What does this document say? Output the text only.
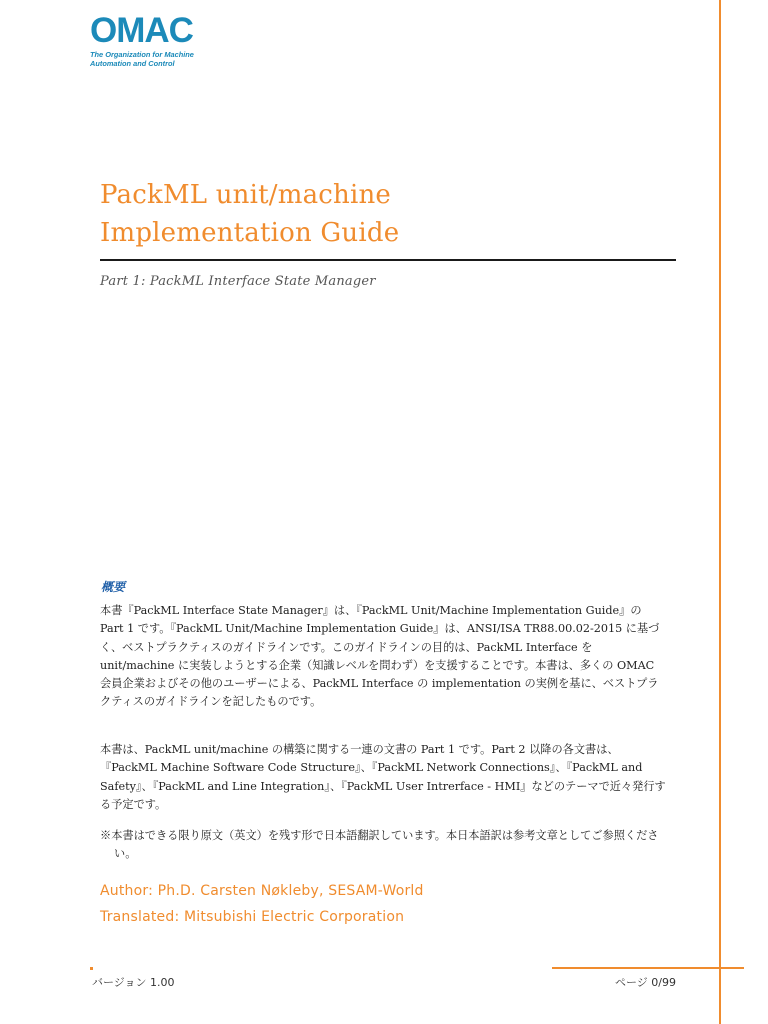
OMAC
The Organization for Machine
Automation and Control
PackML unit/machine
Implementation Guide
Part 1: PackML Interface State Manager
概要
本書『PackML Interface State Manager』は、『PackML Unit/Machine Implementation Guide』の Part 1 です。『PackML Unit/Machine Implementation Guide』は、ANSI/ISA TR88.00.02-2015 に基づく、ベストプラクティスのガイドラインです。このガイドラインの目的は、PackML Interface を unit/machine に実装しようとする企業（知識レベルを問わず）を支援することです。本書は、多くの OMAC 会員企業およびその他のユーザーによる、PackML Interface の implementation の実例を基に、ベストプラクティスのガイドラインを記したものです。
本書は、PackML unit/machine の構築に関する一連の文書の Part 1 です。Part 2 以降の各文書は、『PackML Machine Software Code Structure』、『PackML Network Connections』、『PackML and Safety』、『PackML and Line Integration』、『PackML User Intrerface - HMI』などのテーマで近々発行する予定です。
※本書はできる限り原文（英文）を残す形で日本語翻訳しています。本日本語訳は参考文章としてご参照ください。
Author: Ph.D. Carsten Nøkleby, SESAM-World
Translated: Mitsubishi Electric Corporation
バージョン 1.00	ページ 0/99
